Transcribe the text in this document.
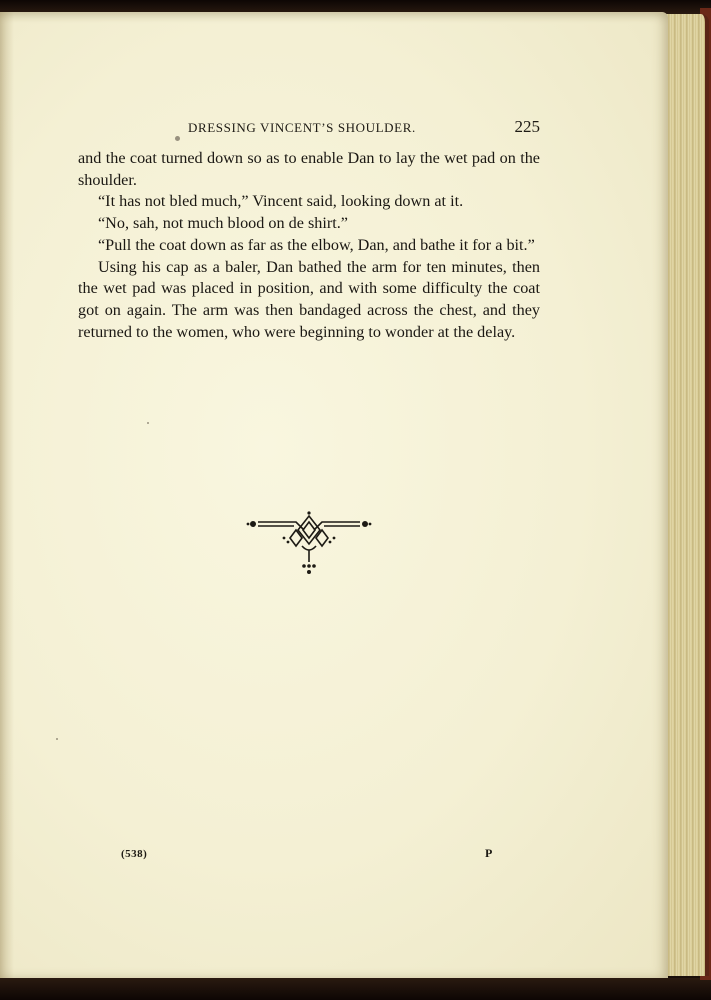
DRESSING VINCENT’S SHOULDER.	225

and the coat turned down so as to enable Dan to lay the wet pad on the shoulder.

“It has not bled much,” Vincent said, looking down at it.

“No, sah, not much blood on de shirt.”

“Pull the coat down as far as the elbow, Dan, and bathe it for a bit.”

Using his cap as a baler, Dan bathed the arm for ten minutes, then the wet pad was placed in position, and with some difficulty the coat got on again. The arm was then bandaged across the chest, and they returned to the women, who were beginning to wonder at the delay.

(538)	P
